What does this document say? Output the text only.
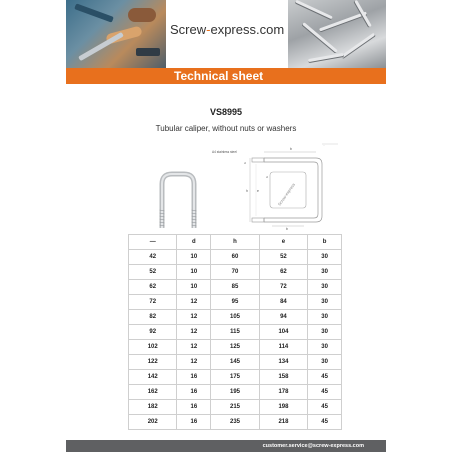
Screw-express.com
Technical sheet
VS8995
Tubular caliper, without nuts or washers
A4 stainless steel
Screw-express
b
h	e
d
b
d
—	d	h	e	b
42	10	60	52	30
52	10	70	62	30
62	10	85	72	30
72	12	95	84	30
82	12	105	94	30
92	12	115	104	30
102	12	125	114	30
122	12	145	134	30
142	16	175	158	45
162	16	195	178	45
182	16	215	198	45
202	16	235	218	45
customer.service@screw-express.com
